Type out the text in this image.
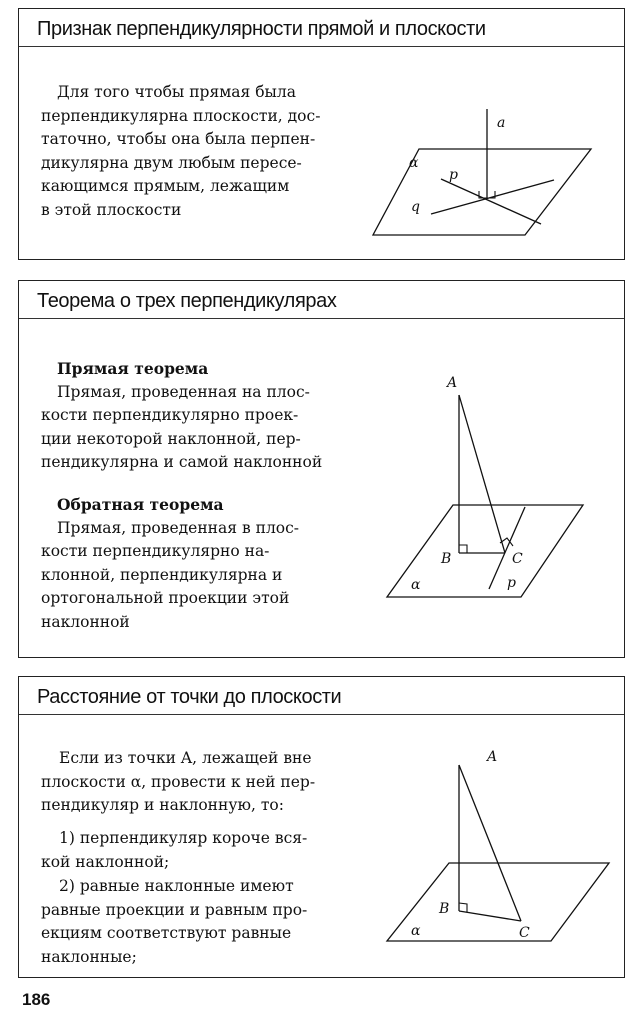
Признак перпендикулярности прямой и плоскости
Для того чтобы прямая была
перпендикулярна плоскости, дос-
таточно, чтобы она была перпен-
дикулярна двум любым пересе-
кающимся прямым, лежащим
в этой плоскости
a
α
p
q
Теорема о трех перпендикулярах
Прямая теорема
Прямая, проведенная на плос-
кости перпендикулярно проек-
ции некоторой наклонной, пер-
пендикулярна и самой наклонной
Обратная теорема
Прямая, проведенная в плос-
кости перпендикулярно на-
клонной, перпендикулярна и
ортогональной проекции этой
наклонной
A
B	C
α	p
Расстояние от точки до плоскости
Если из точки A, лежащей вне
плоскости α, провести к ней пер-
пендикуляр и наклонную, то:
1) перпендикуляр короче вся-
кой наклонной;
2) равные наклонные имеют
равные проекции и равным про-
екциям соответствуют равные
наклонные;
A
B
C
α
186
